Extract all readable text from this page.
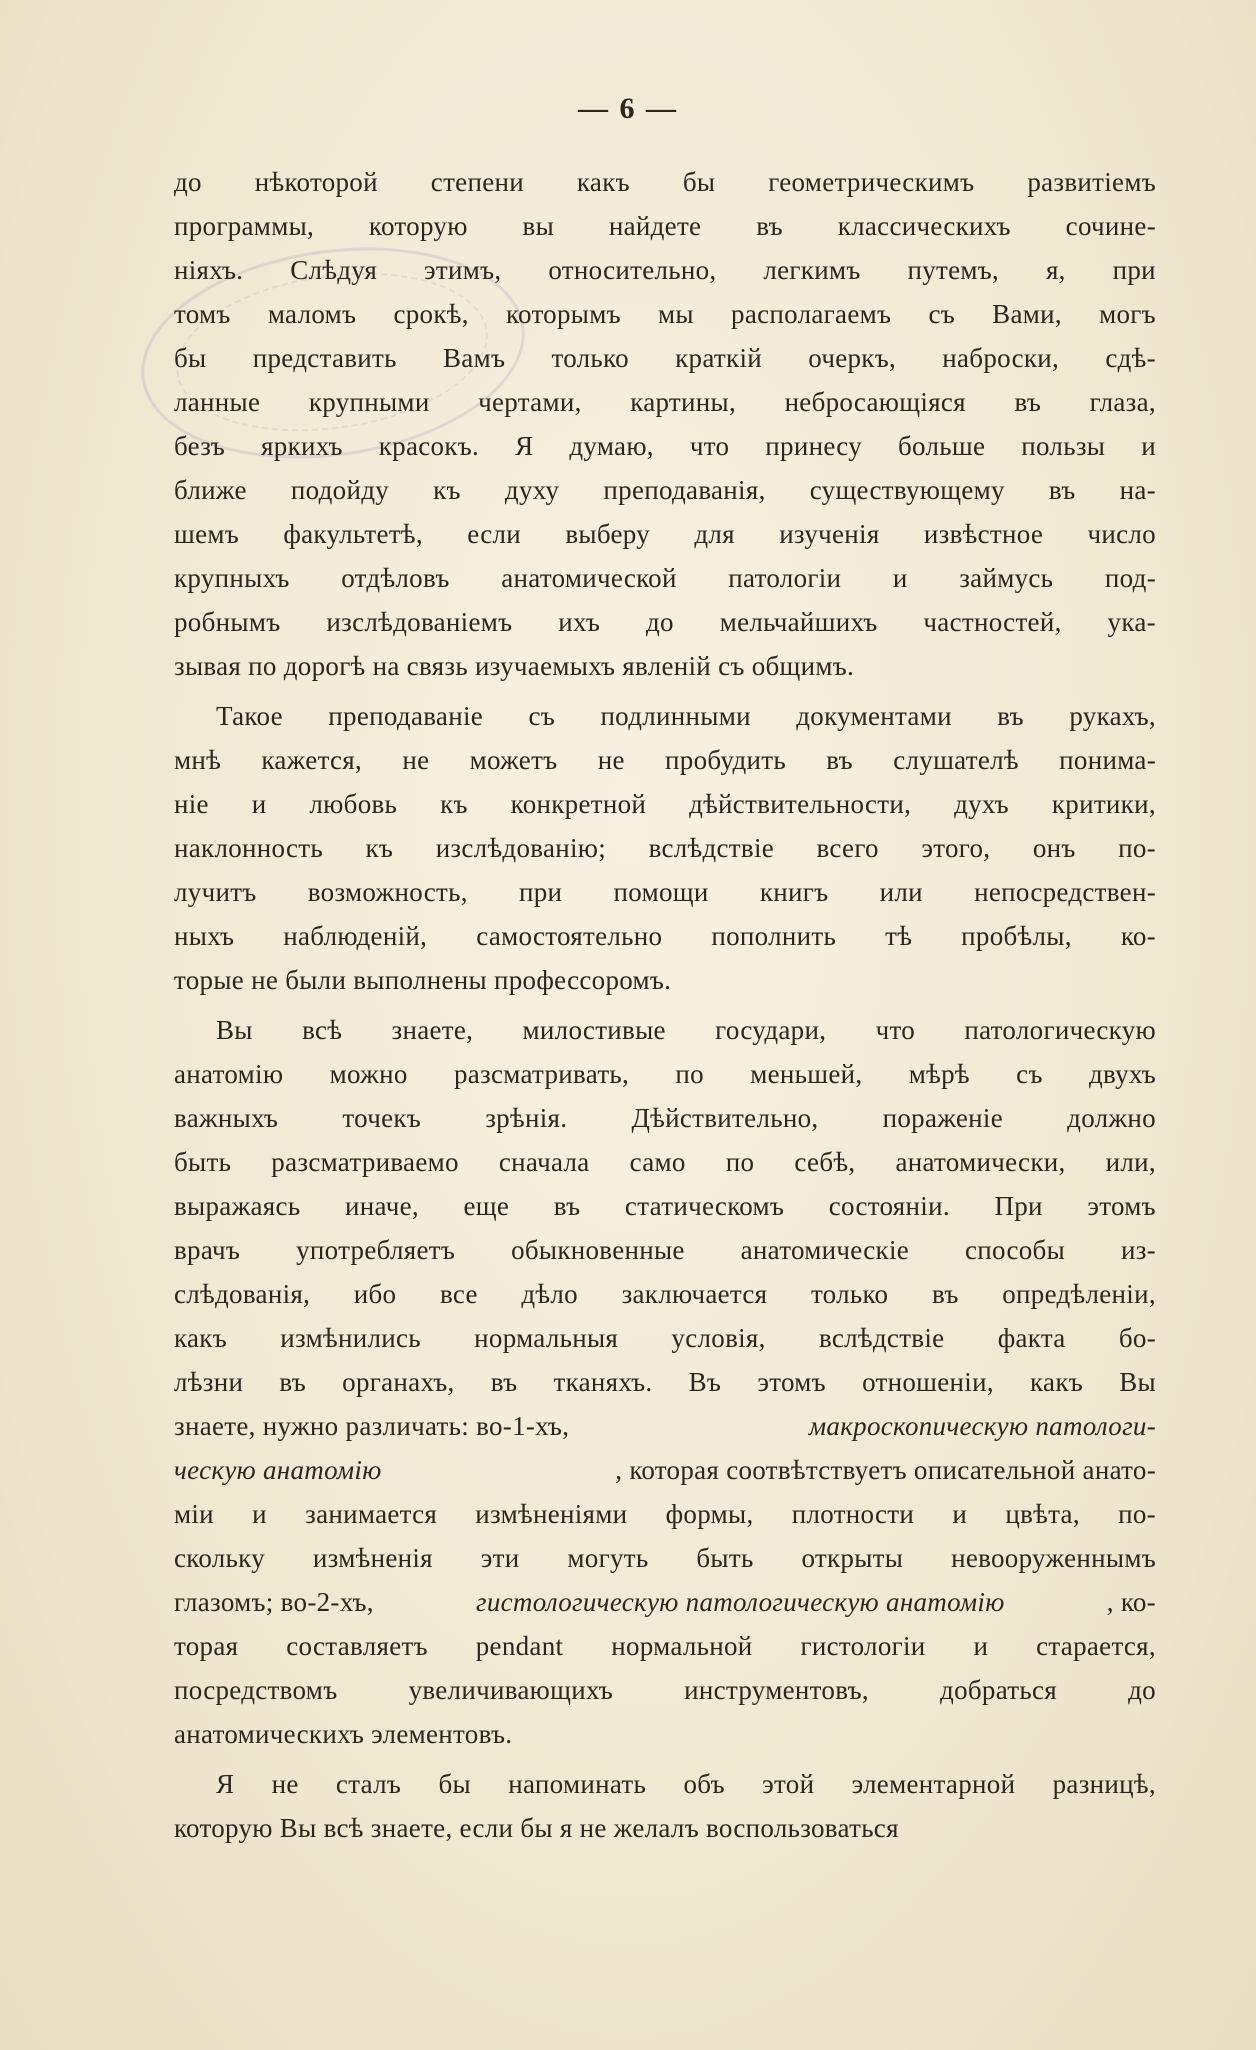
— 6 —
до нѣкоторой степени какъ бы геометрическимъ развитіемъ
программы, которую вы найдете въ классическихъ сочине-
ніяхъ. Слѣдуя этимъ, относительно, легкимъ путемъ, я, при
томъ маломъ срокѣ, которымъ мы располагаемъ съ Вами, могъ
бы представить Вамъ только краткій очеркъ, наброски, сдѣ-
ланные крупными чертами, картины, небросающіяся въ глаза,
безъ яркихъ красокъ. Я думаю, что принесу больше пользы и
ближе подойду къ духу преподаванія, существующему въ на-
шемъ факультетѣ, если выберу для изученія извѣстное число
крупныхъ отдѣловъ анатомической патологіи и займусь под-
робнымъ изслѣдованіемъ ихъ до мельчайшихъ частностей, ука-
зывая по дорогѣ на связь изучаемыхъ явленій съ общимъ.
Такое преподаваніе съ подлинными документами въ рукахъ,
мнѣ кажется, не можетъ не пробудить въ слушателѣ понима-
ніе и любовь къ конкретной дѣйствительности, духъ критики,
наклонность къ изслѣдованію; вслѣдствіе всего этого, онъ по-
лучитъ возможность, при помощи книгъ или непосредствен-
ныхъ наблюденій, самостоятельно пополнить тѣ пробѣлы, ко-
торые не были выполнены профессоромъ.
Вы всѣ знаете, милостивые государи, что патологическую
анатомію можно разсматривать, по меньшей, мѣрѣ съ двухъ
важныхъ точекъ зрѣнія. Дѣйствительно, пораженіе должно
быть разсматриваемо сначала само по себѣ, анатомически, или,
выражаясь иначе, еще въ статическомъ состояніи. При этомъ
врачъ употребляетъ обыкновенные анатомическіе способы из-
слѣдованія, ибо все дѣло заключается только въ опредѣленіи,
какъ измѣнились нормальныя условія, вслѣдствіе факта бо-
лѣзни въ органахъ, въ тканяхъ. Въ этомъ отношеніи, какъ Вы
знаете, нужно различать: во-1-хъ,	макроскопическую патологи-
ческую анатомію	, которая соотвѣтствуетъ описательной анато-
міи и занимается измѣненіями формы, плотности и цвѣта, по-
скольку измѣненія эти могуть быть открыты невооруженнымъ
глазомъ; во-2-хъ,	гистологическую патологическую анатомію	, ко-
торая составляетъ pendant нормальной гистологіи и старается,
посредствомъ	увеличивающихъ	инструментовъ,	добраться	до
анатомическихъ элементовъ.
Я не сталъ бы напоминать объ этой элементарной разницѣ,
которую Вы всѣ знаете, если бы я не желалъ воспользоваться
